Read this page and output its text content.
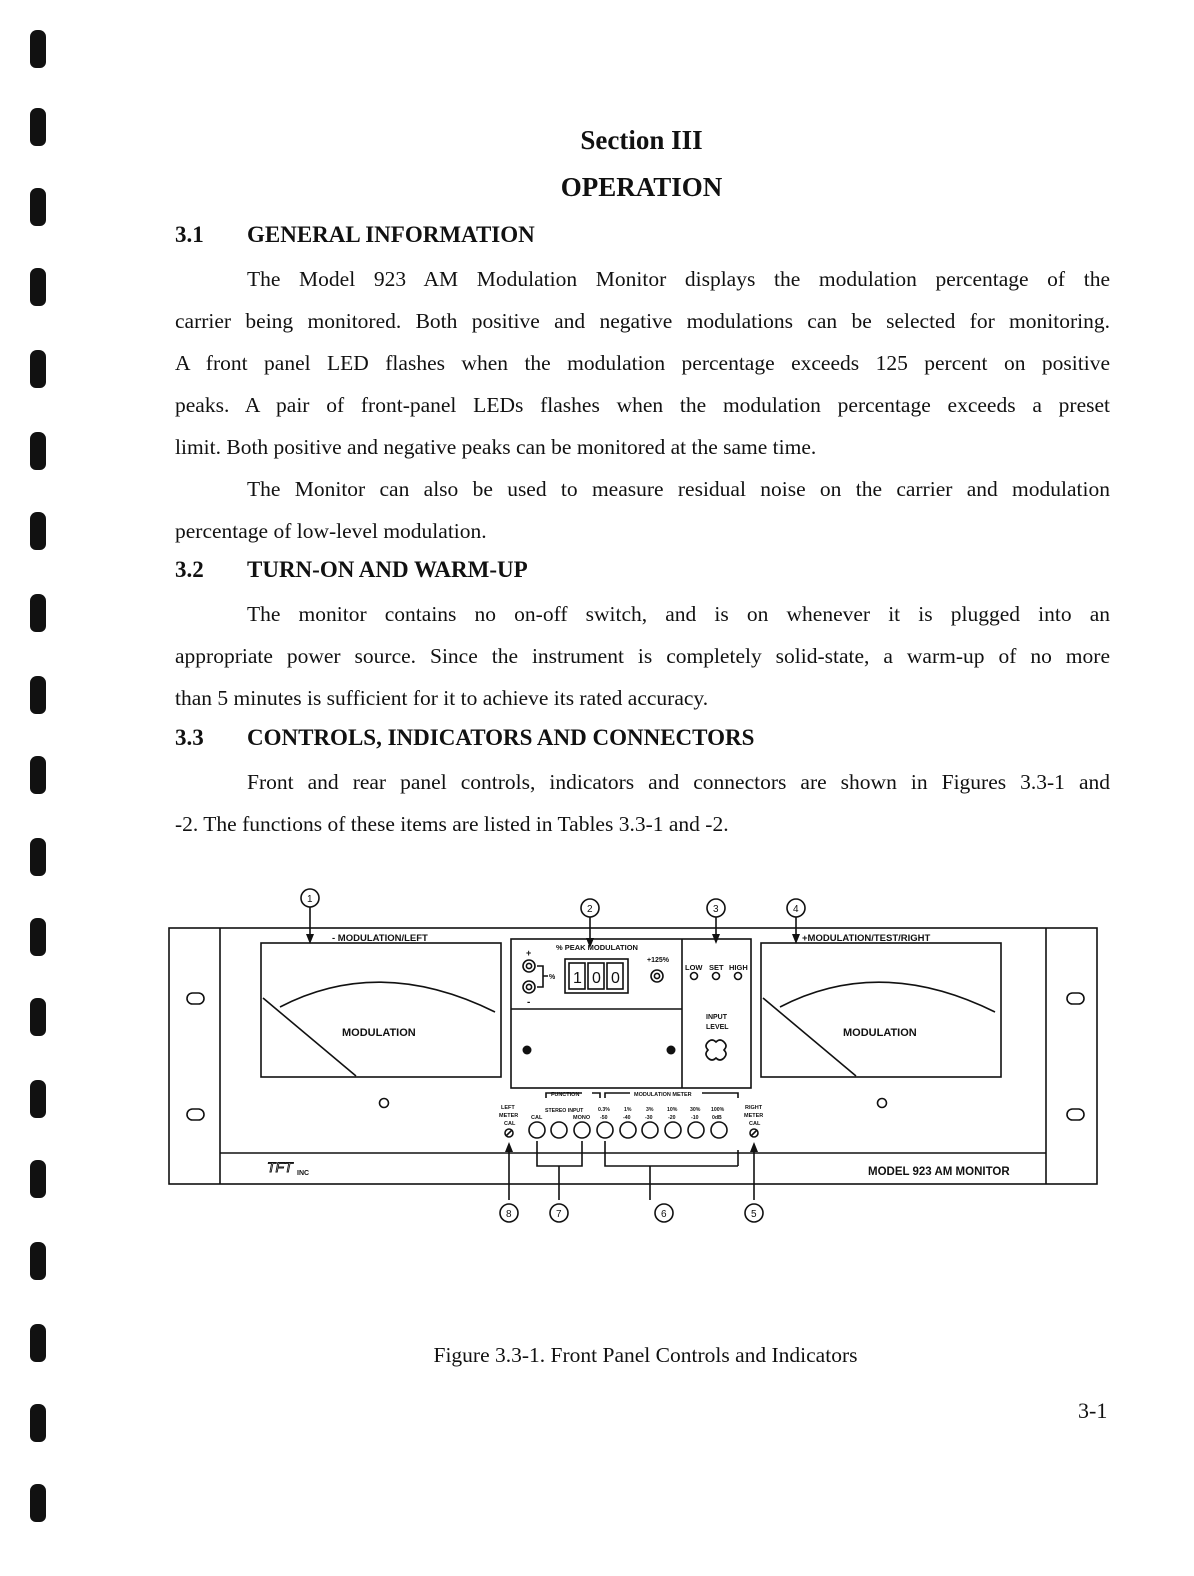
Section III
OPERATION
3.1 GENERAL INFORMATION
The Model 923 AM Modulation Monitor displays the modulation percentage of the
carrier being monitored. Both positive and negative modulations can be selected for monitoring.
A front panel LED flashes when the modulation percentage exceeds 125 percent on positive
peaks. A pair of front-panel LEDs flashes when the modulation percentage exceeds a preset
limit. Both positive and negative peaks can be monitored at the same time.
The Monitor can also be used to measure residual noise on the carrier and modulation
percentage of low-level modulation.
3.2 TURN-ON AND WARM-UP
The monitor contains no on-off switch, and is on whenever it is plugged into an
appropriate power source. Since the instrument is completely solid-state, a warm-up of no more
than 5 minutes is sufficient for it to achieve its rated accuracy.
3.3 CONTROLS, INDICATORS AND CONNECTORS
Front and rear panel controls, indicators and connectors are shown in Figures 3.3-1 and
-2. The functions of these items are listed in Tables 3.3-1 and -2.
- MODULATION/LEFT	+MODULATION/TEST/RIGHT
MODULATION	MODULATION
% PEAK MODULATION
+
-
% 1 0 0
+125%
LOW SET HIGH
INPUT
LEVEL
FUNCTION	MODULATION METER
CAL
STEREO INPUT
MONO
0.3%
-50
1%
-40
3%
-30
10%
-20
30%
-10
100%
0dB
LEFT
METER
CAL
RIGHT
METER
CAL
TFT INC	MODEL 923 AM MONITOR
1
2	3	4
5
6
7
8
Figure 3.3-1. Front Panel Controls and Indicators
3-1
